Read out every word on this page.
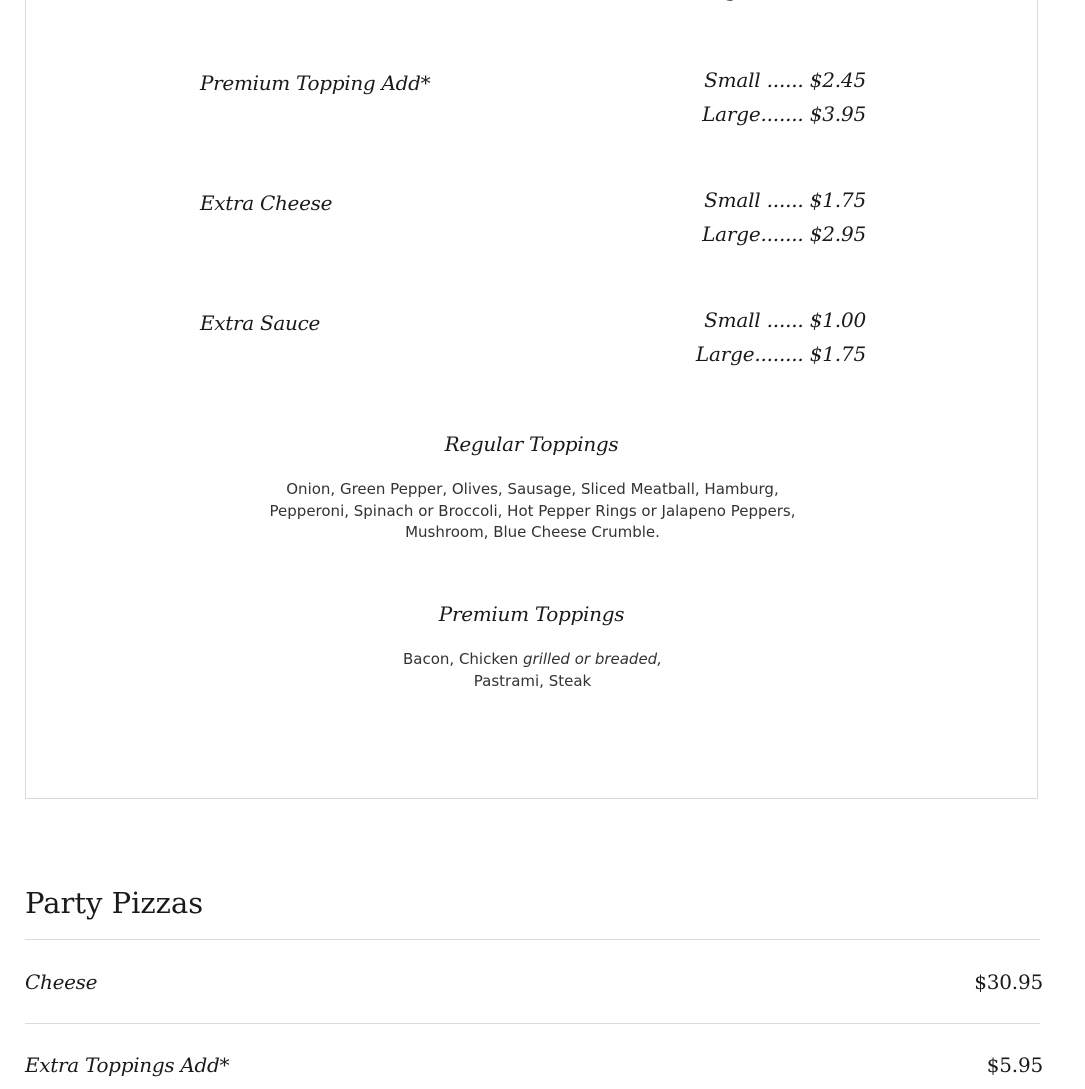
Premium Topping Add*	Small ...... $2.45
Large....... $3.95
Extra Cheese	Small ...... $1.75
Large....... $2.95
Extra Sauce	Small ...... $1.00
Large........ $1.75
Regular Toppings
Onion, Green Pepper, Olives, Sausage, Sliced Meatball, Hamburg,
Pepperoni, Spinach or Broccoli, Hot Pepper Rings or Jalapeno Peppers,
Mushroom, Blue Cheese Crumble.
Premium Toppings
Bacon, Chicken grilled or breaded,
Pastrami, Steak
Party Pizzas
Cheese	$30.95
Extra Toppings Add*	$5.95
